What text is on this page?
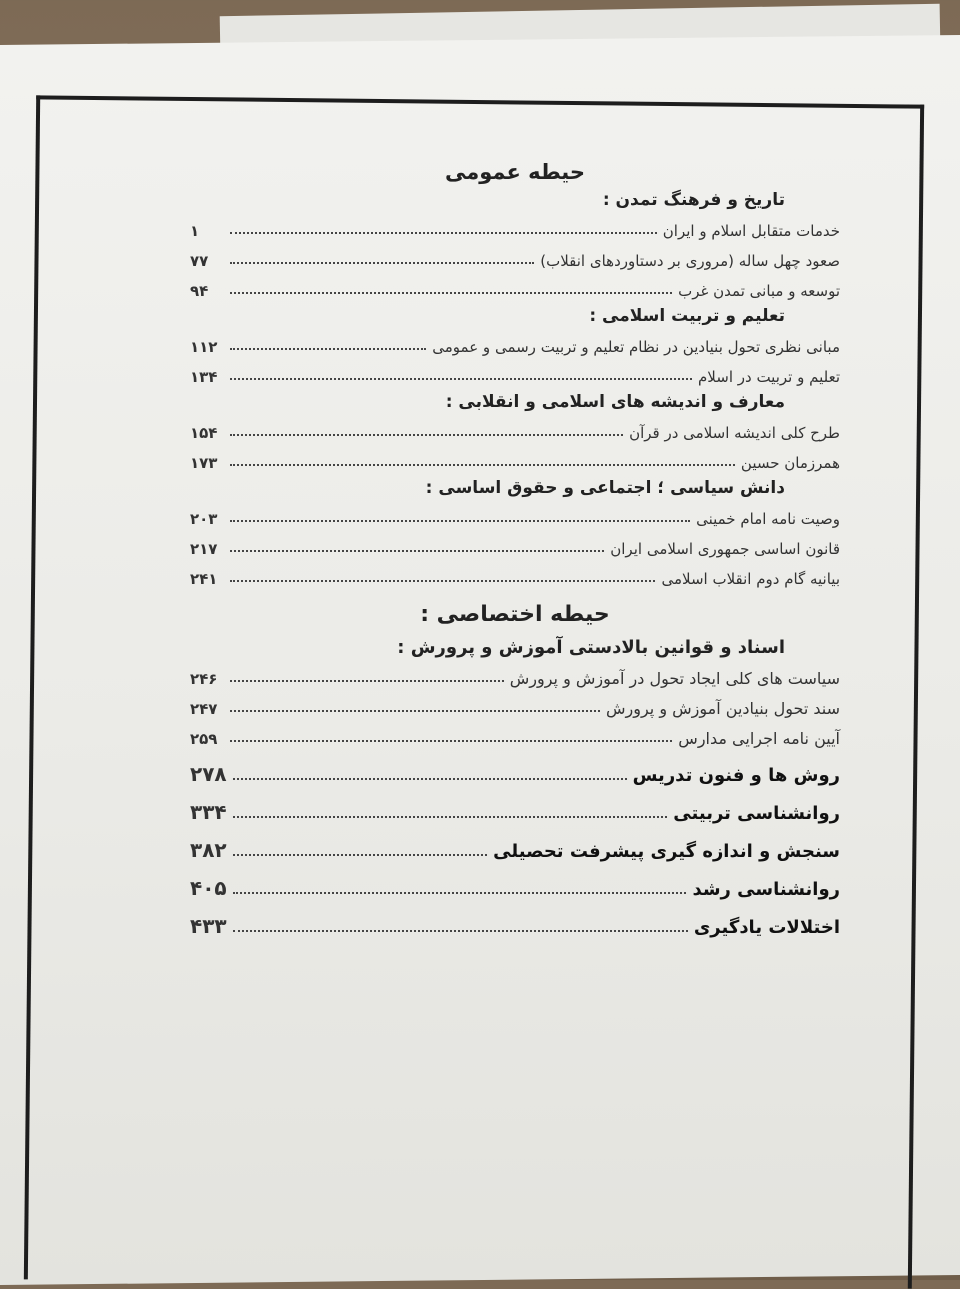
حیطه عمومی
تاریخ و فرهنگ تمدن :
خدمات متقابل اسلام و ایران
۱
صعود چهل ساله (مروری بر دستاوردهای انقلاب)
۷۷
توسعه و مبانی تمدن غرب
۹۴
تعلیم و تربیت اسلامی :
مبانی نظری تحول بنیادین در نظام تعلیم و تربیت رسمی و عمومی
۱۱۲
تعلیم و تربیت در اسلام
۱۳۴
معارف و اندیشه های اسلامی و انقلابی :
طرح کلی اندیشه اسلامی در قرآن
۱۵۴
همرزمان حسین
۱۷۳
دانش سیاسی ؛ اجتماعی و حقوق اساسی :
وصیت نامه امام خمینی
۲۰۳
قانون اساسی جمهوری اسلامی ایران
۲۱۷
بیانیه گام دوم انقلاب اسلامی
۲۴۱
حیطه اختصاصی :
اسناد و قوانین بالادستی آموزش و پرورش :
سیاست های کلی ایجاد تحول در آموزش و پرورش
۲۴۶
سند تحول بنیادین آموزش و پرورش
۲۴۷
آیین نامه اجرایی مدارس
۲۵۹
روش ها و فنون تدریس
۲۷۸
روانشناسی تربیتی
۳۳۴
سنجش و اندازه گیری پیشرفت تحصیلی
۳۸۲
روانشناسی رشد
۴۰۵
اختلالات یادگیری
۴۳۳
